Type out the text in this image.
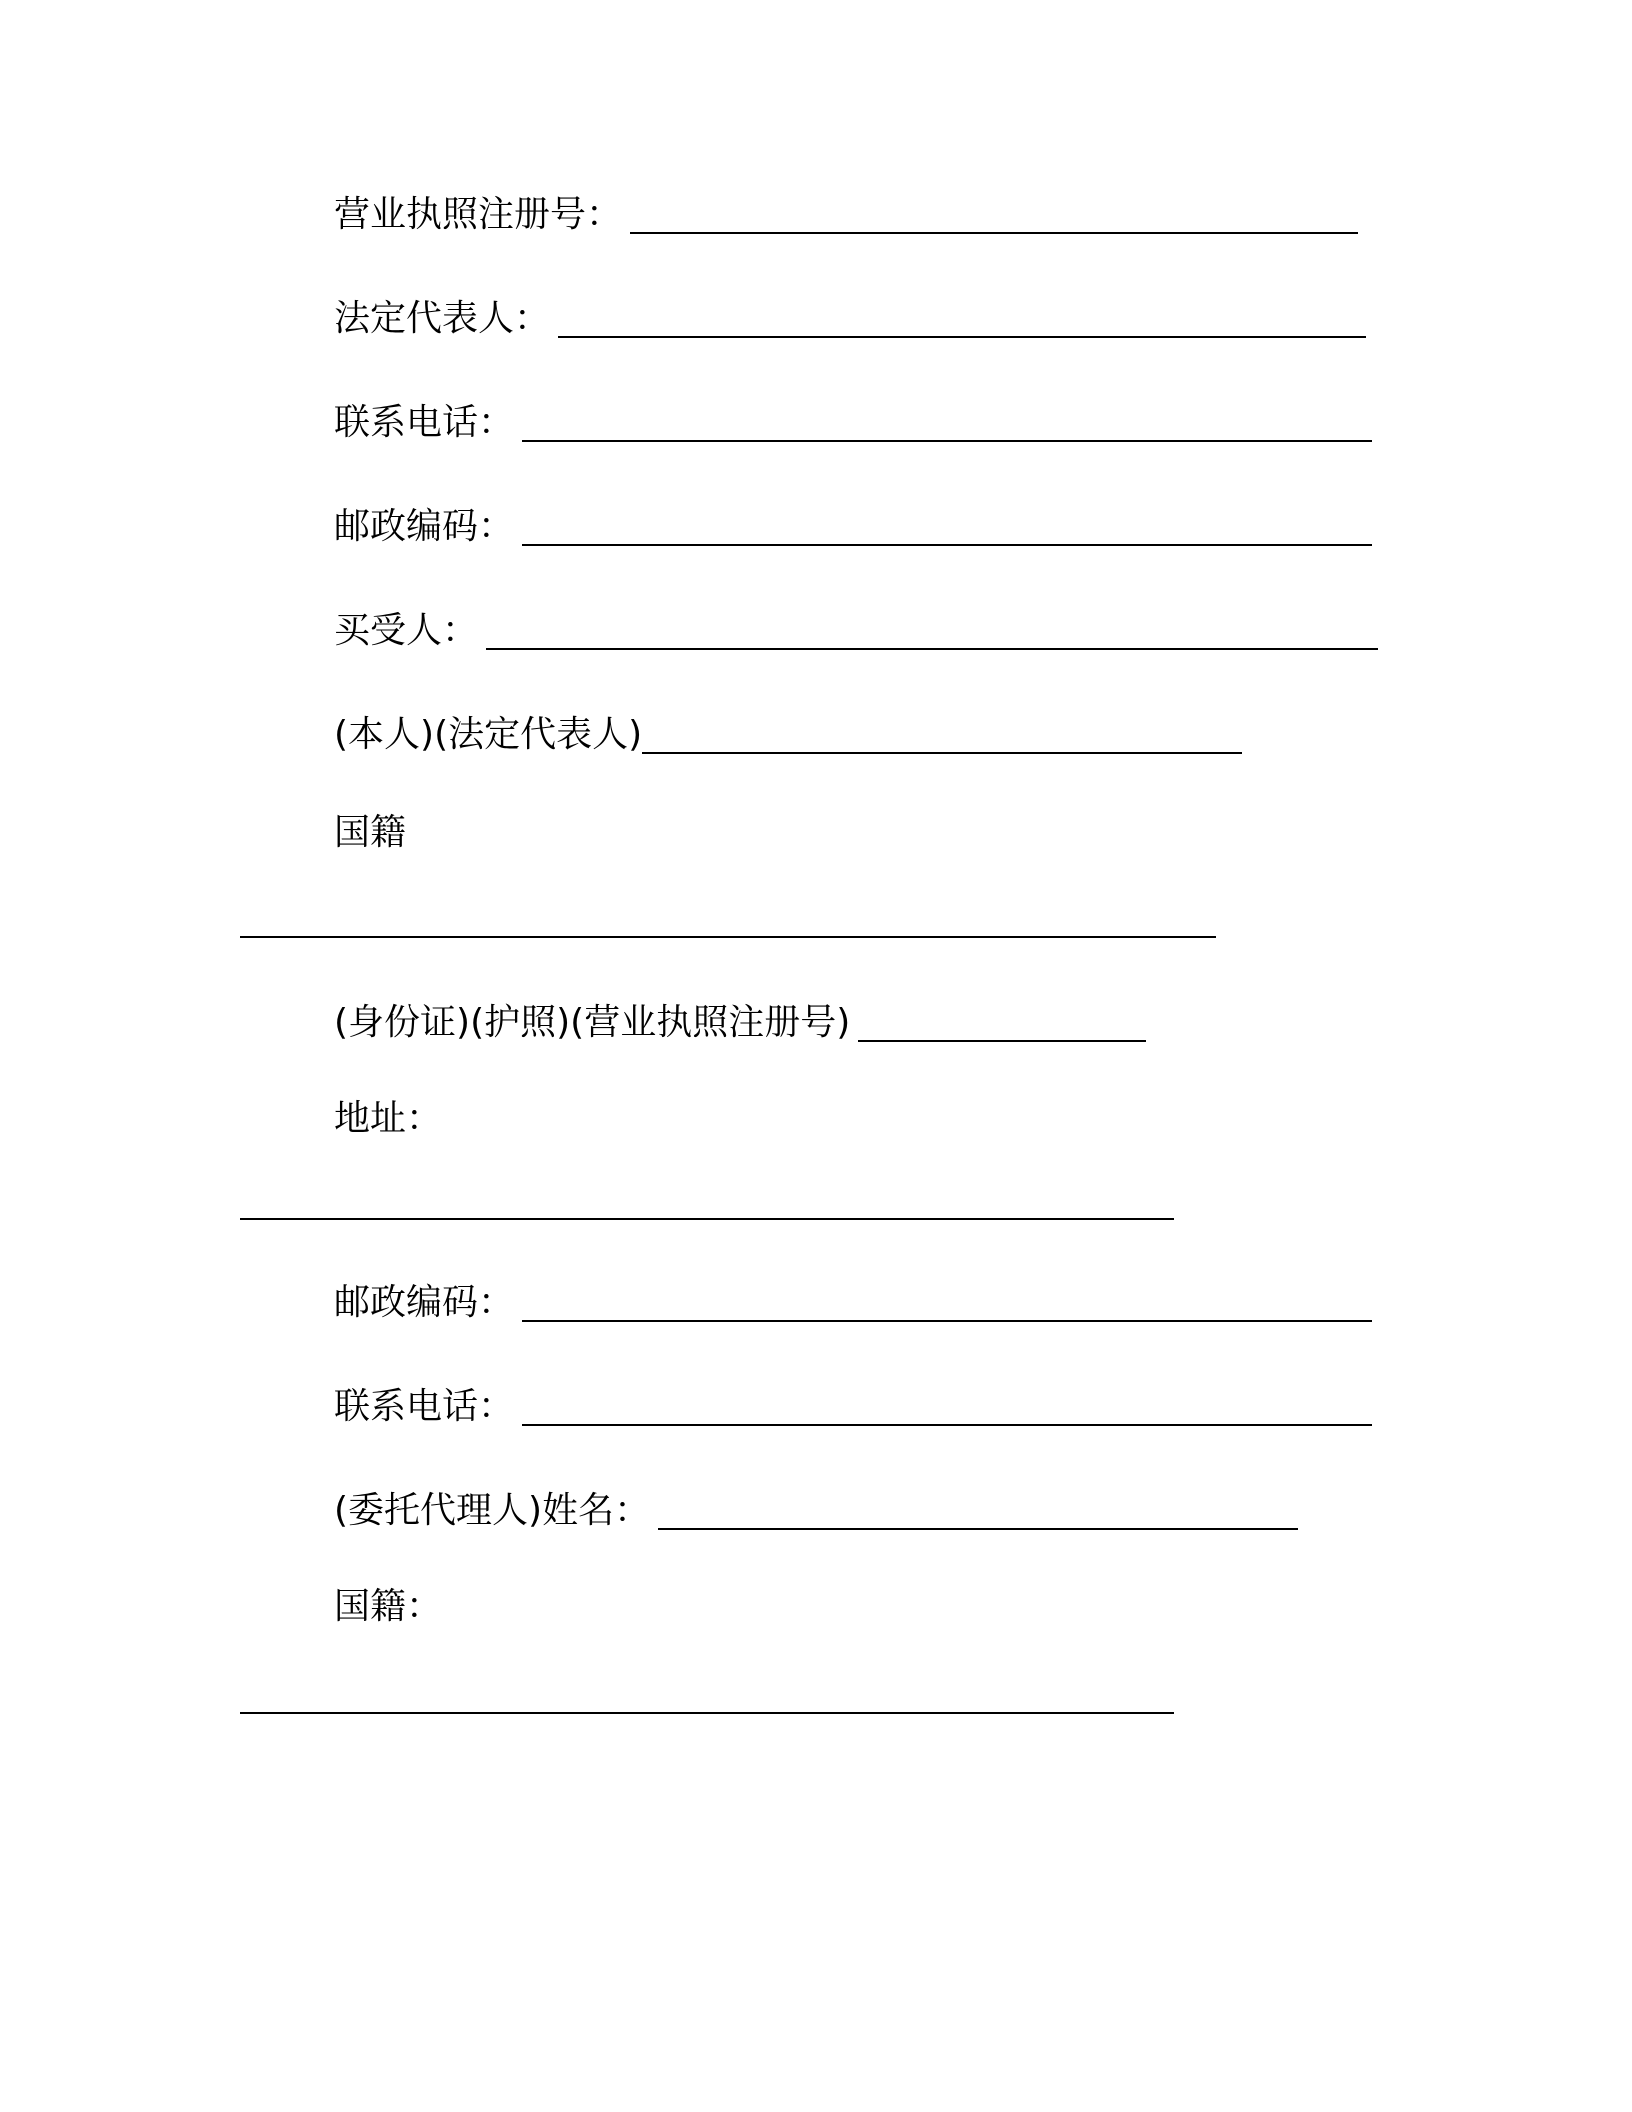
营业执照注册号：
法定代表人：
联系电话：
邮政编码：
买受人：
(本人)(法定代表人)
国籍
(身份证)(护照)(营业执照注册号)
地址：
邮政编码：
联系电话：
(委托代理人)姓名：
国籍：
